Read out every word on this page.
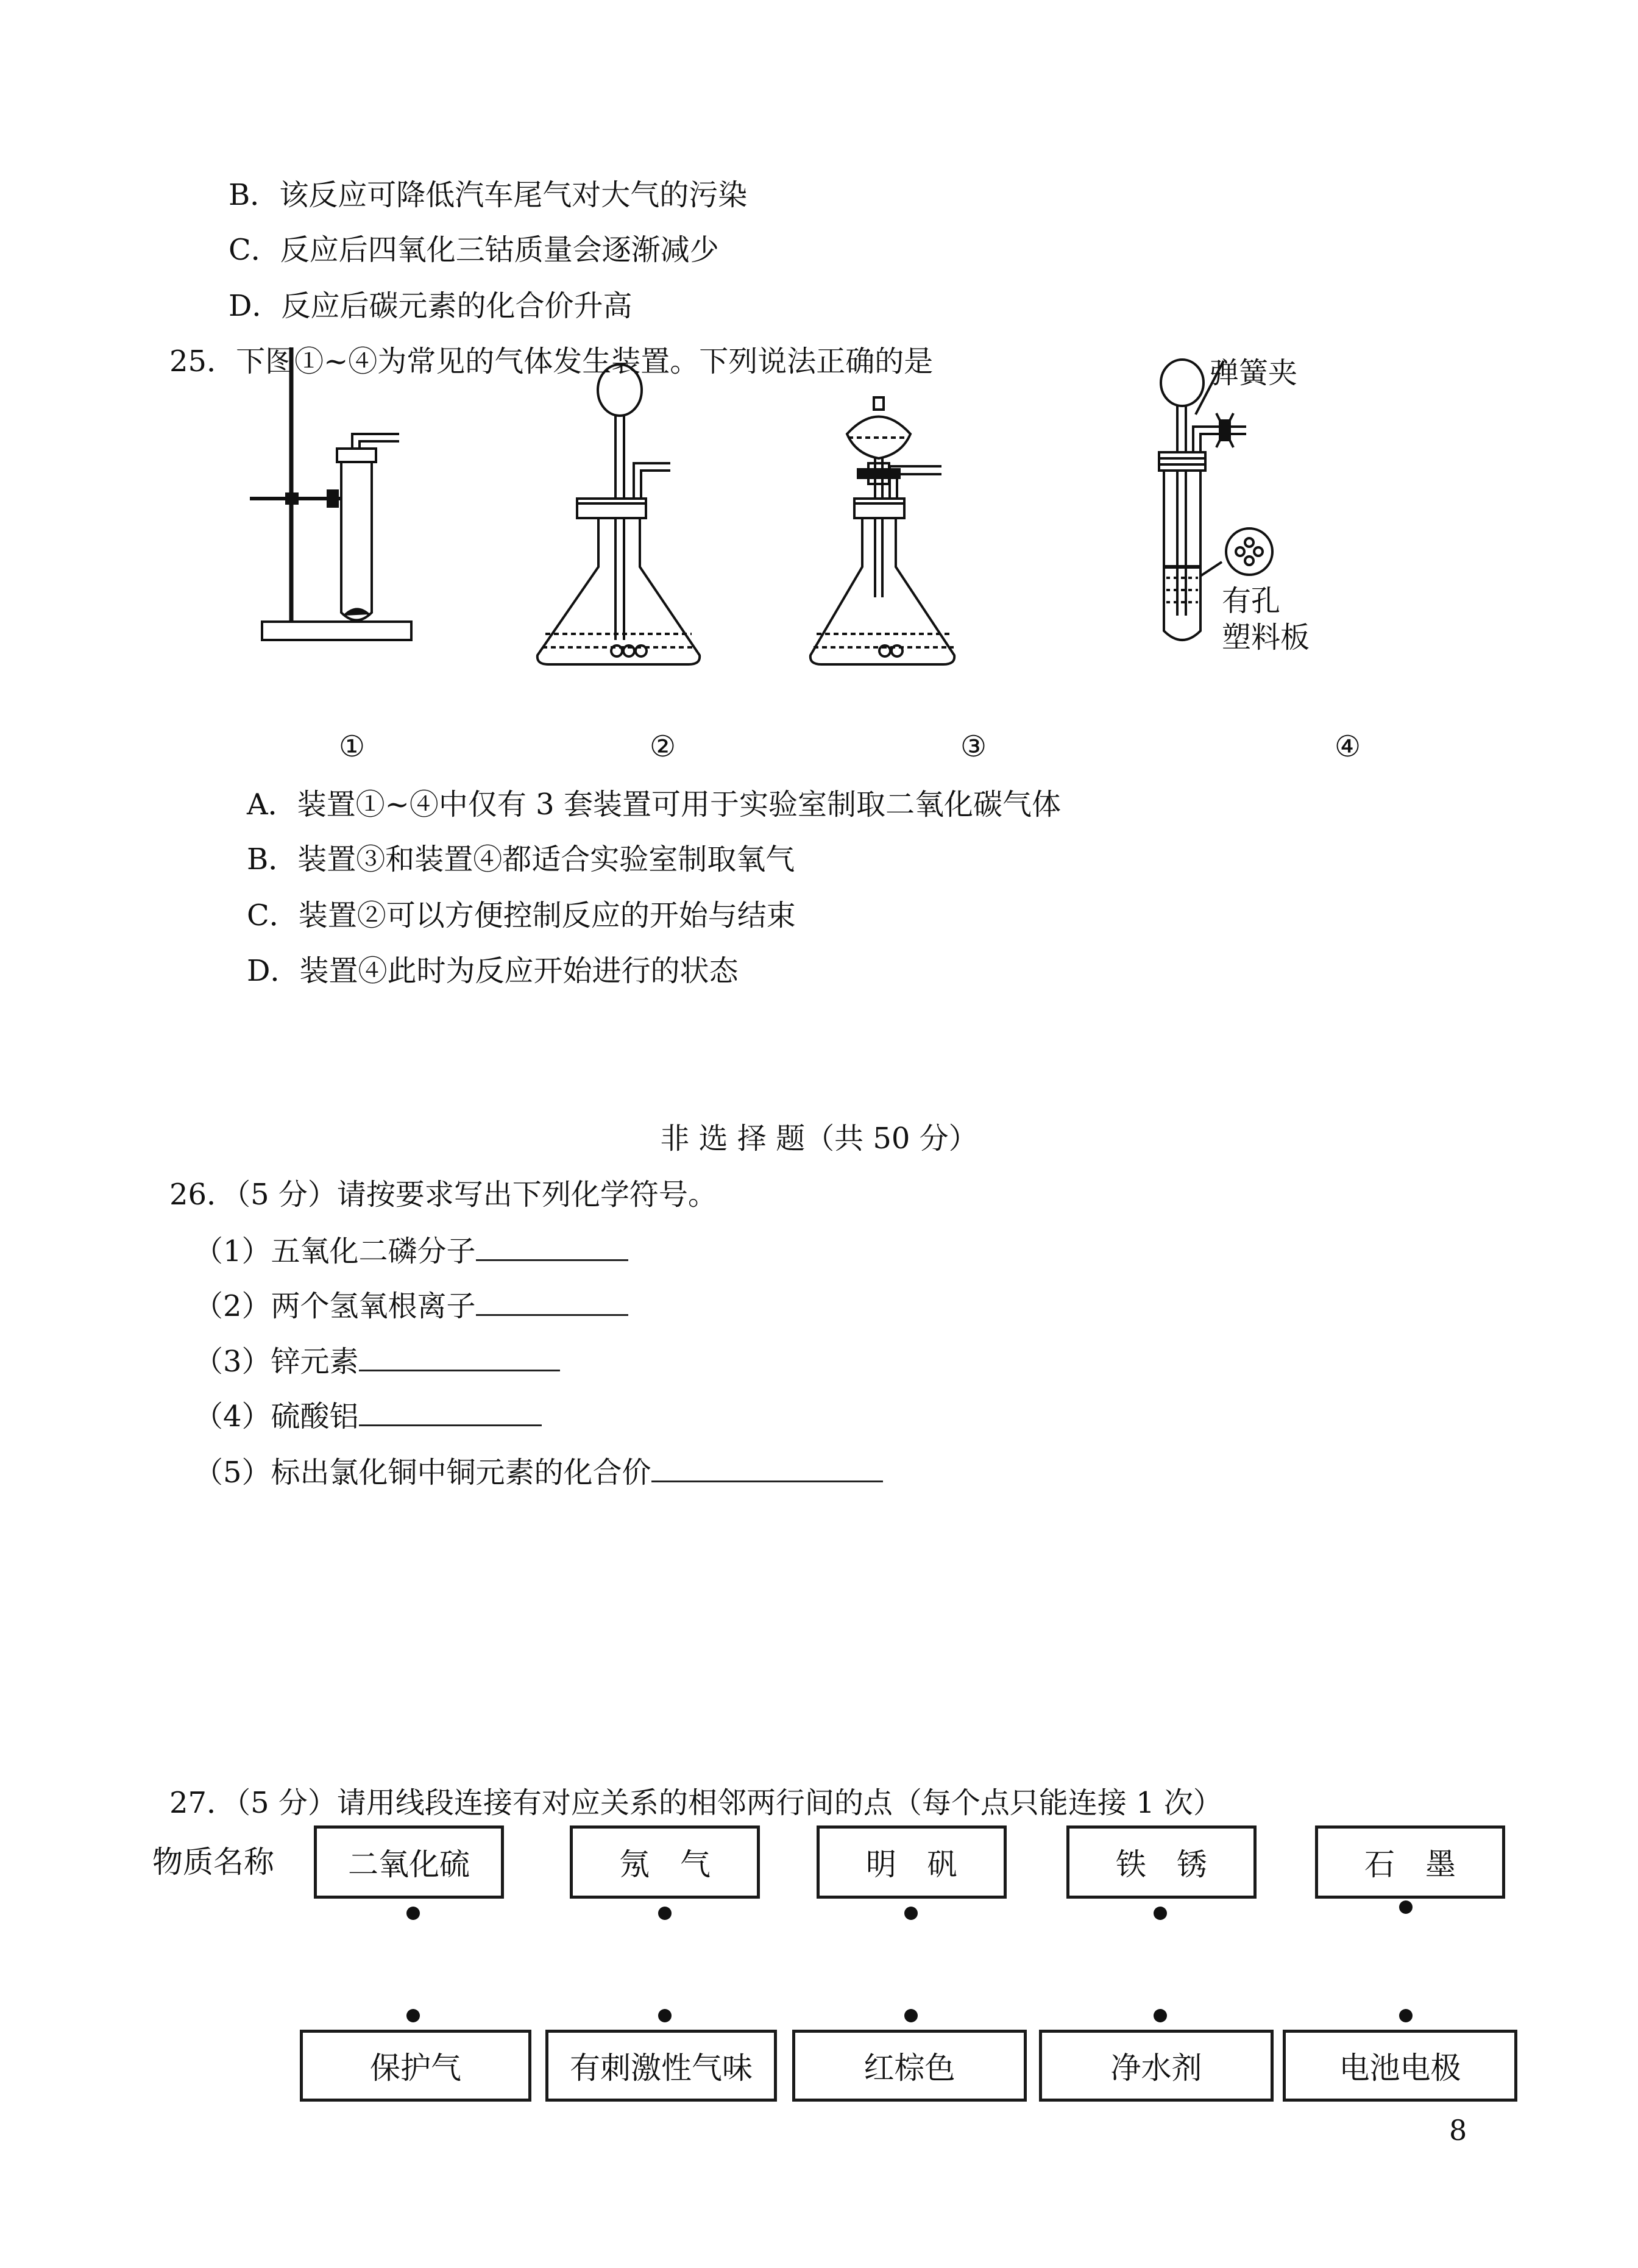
B．该反应可降低汽车尾气对大气的污染
C．反应后四氧化三钴质量会逐渐减少
D．反应后碳元素的化合价升高
25．下图①~④为常见的气体发生装置。下列说法正确的是	弹簧夹
有孔
塑料板
①	②	③	④
A．装置①~④中仅有 3 套装置可用于实验室制取二氧化碳气体
B．装置③和装置④都适合实验室制取氧气
C．装置②可以方便控制反应的开始与结束
D．装置④此时为反应开始进行的状态
非 选 择 题（共 50 分）
26．（5 分）请按要求写出下列化学符号。
（1）五氧化二磷分子
（2）两个氢氧根离子
（3）锌元素
（4）硫酸铝
（5）标出氯化铜中铜元素的化合价
27．（5 分）请用线段连接有对应关系的相邻两行间的点（每个点只能连接 1 次）
物质名称	二氧化硫	氖　气	明　矾	铁　锈	石　墨
保护气	有刺激性气味	红棕色	净水剂	电池电极
8
